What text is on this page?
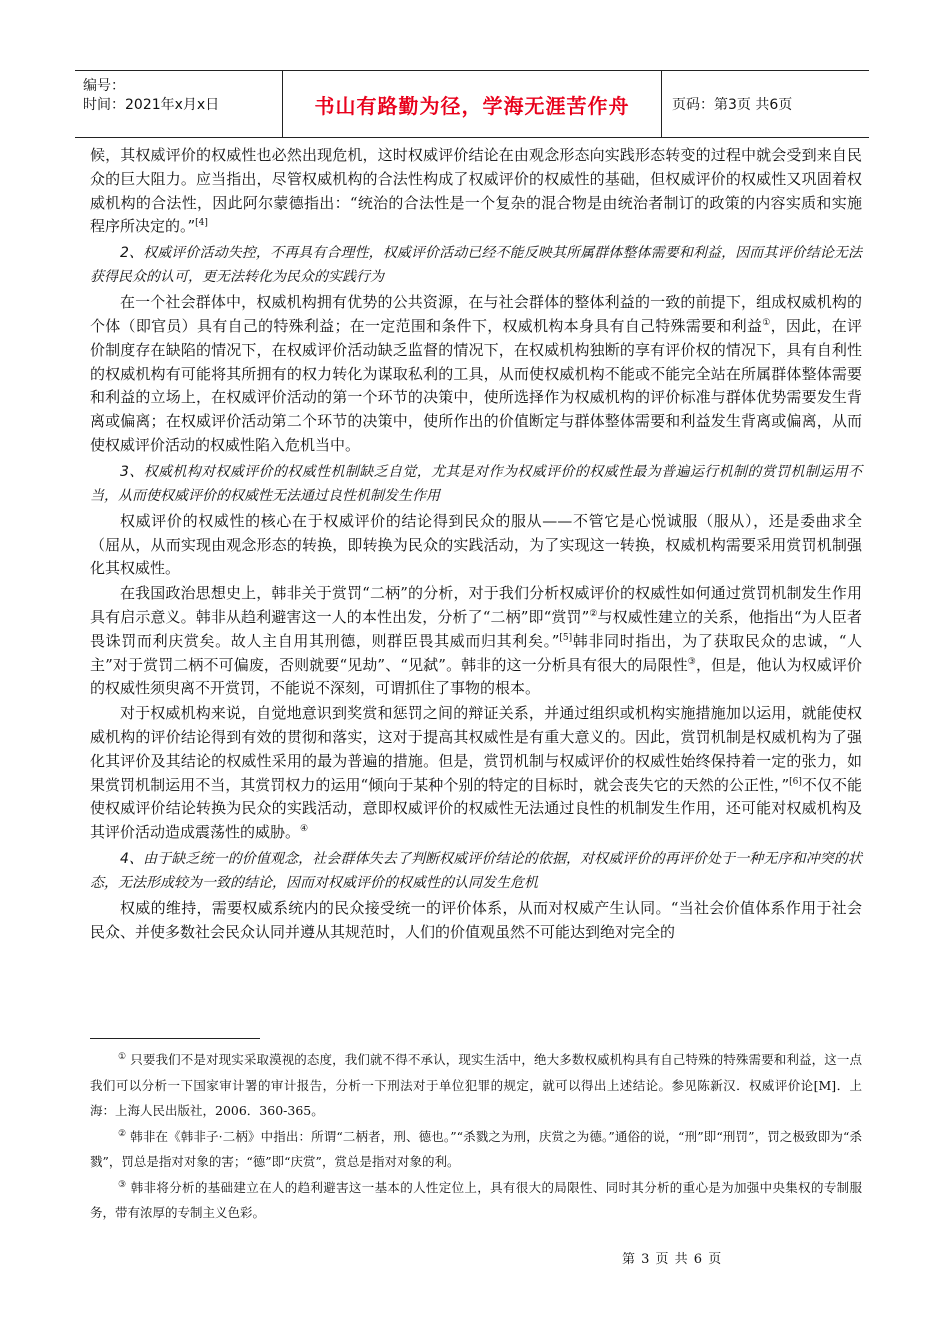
编号：
时间：2021年x月x日	书山有路勤为径，学海无涯苦作舟	页码：第3页 共6页

候，其权威评价的权威性也必然出现危机，这时权威评价结论在由观念形态向实践形态转变的过程中就会受到来自民众的巨大阻力。应当指出，尽管权威机构的合法性构成了权威评价的权威性的基础，但权威评价的权威性又巩固着权威机构的合法性，因此阿尔蒙德指出：“统治的合法性是一个复杂的混合物是由统治者制订的政策的内容实质和实施程序所决定的。”[4]

2、权威评价活动失控，不再具有合理性，权威评价活动已经不能反映其所属群体整体需要和利益，因而其评价结论无法获得民众的认可，更无法转化为民众的实践行为

在一个社会群体中，权威机构拥有优势的公共资源，在与社会群体的整体利益的一致的前提下，组成权威机构的个体（即官员）具有自己的特殊利益；在一定范围和条件下，权威机构本身具有自己特殊需要和利益①，因此，在评价制度存在缺陷的情况下，在权威评价活动缺乏监督的情况下，在权威机构独断的享有评价权的情况下，具有自利性的权威机构有可能将其所拥有的权力转化为谋取私利的工具，从而使权威机构不能或不能完全站在所属群体整体需要和利益的立场上，在权威评价活动的第一个环节的决策中，使所选择作为权威机构的评价标准与群体优势需要发生背离或偏离；在权威评价活动第二个环节的决策中，使所作出的价值断定与群体整体需要和利益发生背离或偏离，从而使权威评价活动的权威性陷入危机当中。

3、权威机构对权威评价的权威性机制缺乏自觉，尤其是对作为权威评价的权威性最为普遍运行机制的赏罚机制运用不当，从而使权威评价的权威性无法通过良性机制发生作用

权威评价的权威性的核心在于权威评价的结论得到民众的服从——不管它是心悦诚服（服从），还是委曲求全（屈从，从而实现由观念形态的转换，即转换为民众的实践活动，为了实现这一转换，权威机构需要采用赏罚机制强化其权威性。

在我国政治思想史上，韩非关于赏罚“二柄”的分析，对于我们分析权威评价的权威性如何通过赏罚机制发生作用具有启示意义。韩非从趋利避害这一人的本性出发，分析了“二柄”即“赏罚”②与权威性建立的关系，他指出“为人臣者畏诛罚而利庆赏矣。故人主自用其刑德，则群臣畏其威而归其利矣。”[5]韩非同时指出，为了获取民众的忠诚，“人主”对于赏罚二柄不可偏废，否则就要“见劫”、“见弑”。韩非的这一分析具有很大的局限性③，但是，他认为权威评价的权威性须臾离不开赏罚，不能说不深刻，可谓抓住了事物的根本。

对于权威机构来说，自觉地意识到奖赏和惩罚之间的辩证关系，并通过组织或机构实施措施加以运用，就能使权威机构的评价结论得到有效的贯彻和落实，这对于提高其权威性是有重大意义的。因此，赏罚机制是权威机构为了强化其评价及其结论的权威性采用的最为普遍的措施。但是，赏罚机制与权威评价的权威性始终保持着一定的张力，如果赏罚机制运用不当，其赏罚权力的运用“倾向于某种个别的特定的目标时，就会丧失它的天然的公正性，”[6]不仅不能使权威评价结论转换为民众的实践活动，意即权威评价的权威性无法通过良性的机制发生作用，还可能对权威机构及其评价活动造成震荡性的威胁。④

4、由于缺乏统一的价值观念，社会群体失去了判断权威评价结论的依据，对权威评价的再评价处于一种无序和冲突的状态，无法形成较为一致的结论，因而对权威评价的权威性的认同发生危机

权威的维持，需要权威系统内的民众接受统一的评价体系，从而对权威产生认同。“当社会价值体系作用于社会民众、并使多数社会民众认同并遵从其规范时，人们的价值观虽然不可能达到绝对完全的

① 只要我们不是对现实采取漠视的态度，我们就不得不承认，现实生活中，绝大多数权威机构具有自己特殊的特殊需要和利益，这一点我们可以分析一下国家审计署的审计报告，分析一下刑法对于单位犯罪的规定，就可以得出上述结论。参见陈新汉．权威评价论[M]．上海：上海人民出版社，2006．360-365。

② 韩非在《韩非子·二柄》中指出：所谓“二柄者，刑、德也。”“杀戮之为刑，庆赏之为德。”通俗的说，“刑”即“刑罚”，罚之极致即为“杀戮”，罚总是指对对象的害；“德”即“庆赏”，赏总是指对对象的利。

③ 韩非将分析的基础建立在人的趋利避害这一基本的人性定位上，具有很大的局限性、同时其分析的重心是为加强中央集权的专制服务，带有浓厚的专制主义色彩。

第 3 页 共 6 页
